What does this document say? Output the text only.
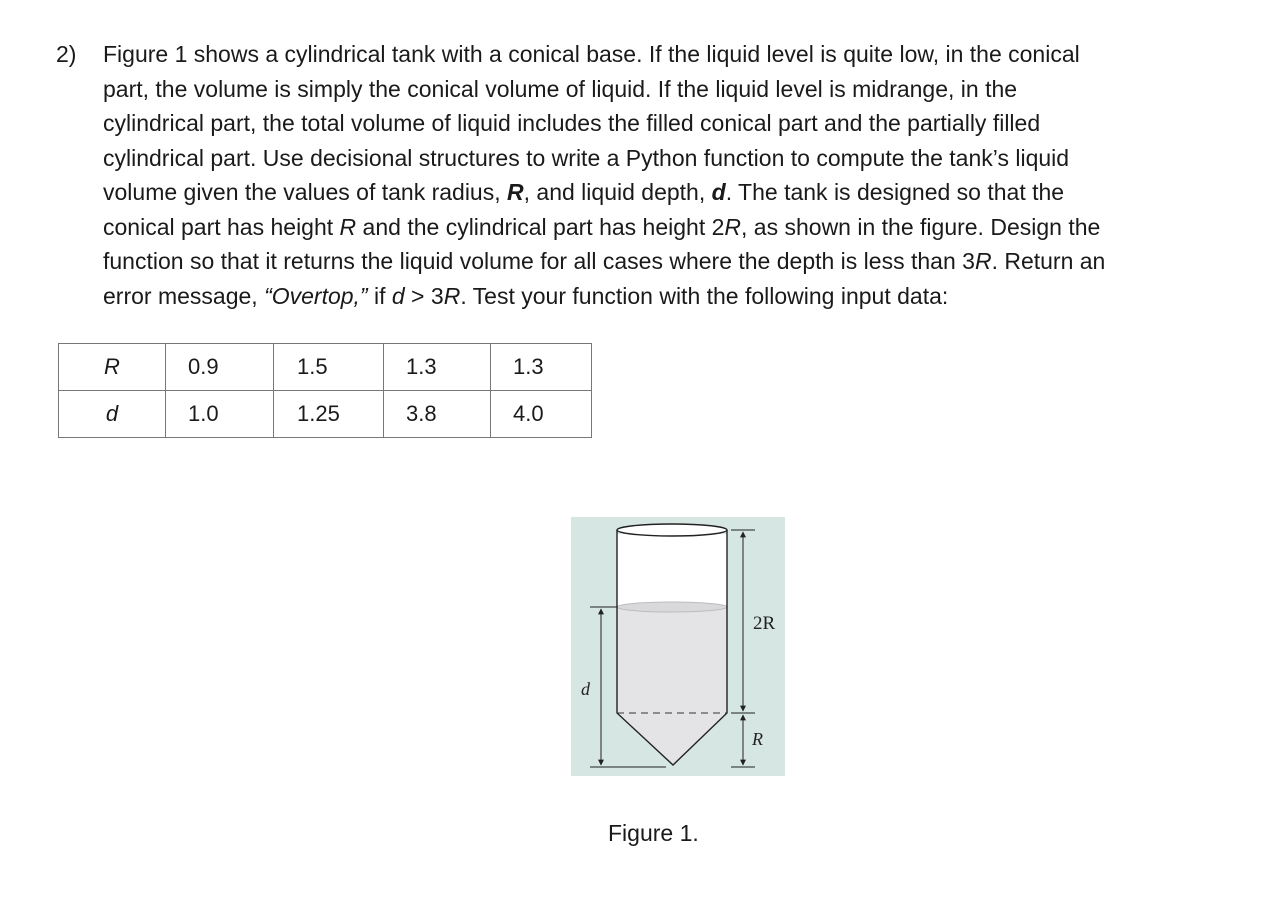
2) Figure 1 shows a cylindrical tank with a conical base. If the liquid level is quite low, in the conical
part, the volume is simply the conical volume of liquid. If the liquid level is midrange, in the
cylindrical part, the total volume of liquid includes the filled conical part and the partially filled
cylindrical part. Use decisional structures to write a Python function to compute the tank’s liquid
volume given the values of tank radius, R, and liquid depth, d. The tank is designed so that the
conical part has height R and the cylindrical part has height 2R, as shown in the figure. Design the
function so that it returns the liquid volume for all cases where the depth is less than 3R. Return an
error message, “Overtop,” if d > 3R. Test your function with the following input data:
R	0.9	1.5	1.3	1.3
d	1.0	1.25	3.8	4.0
d
2R
R
Figure 1.
